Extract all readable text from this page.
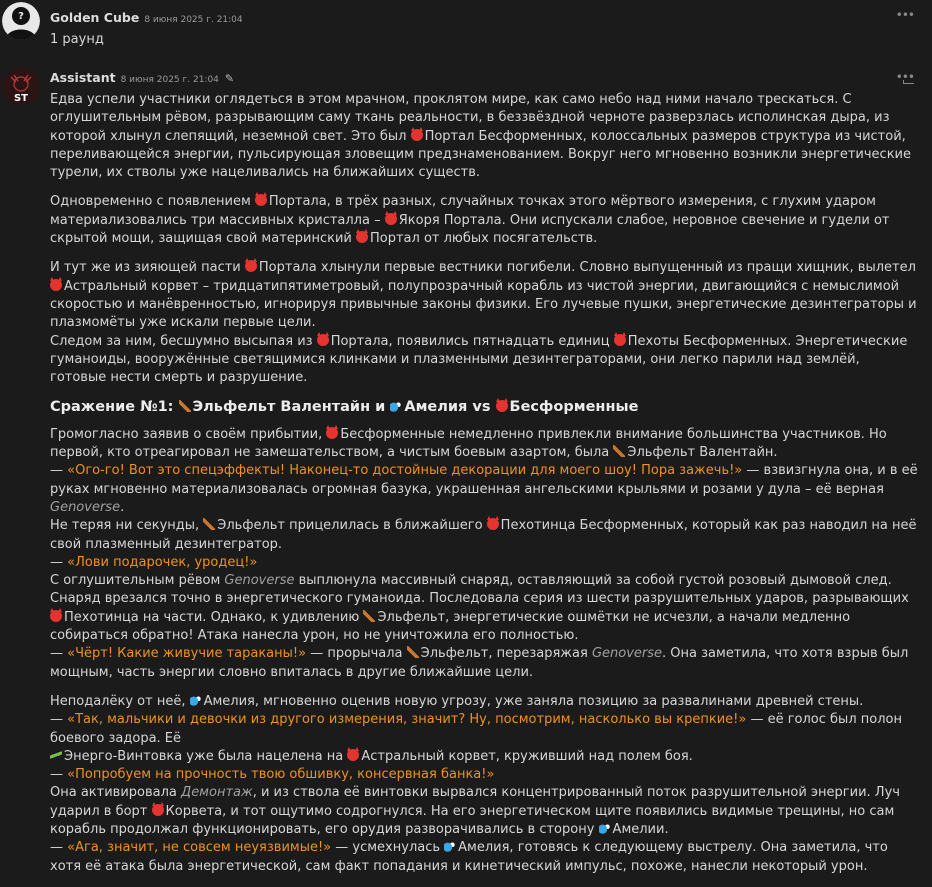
? Golden Cube 8 июня 2025 г. 21:04	•••
1 раунд
ST
Assistant 8 июня 2025 г. 21:04 ✎	•••

Едва успели участники оглядеться в этом мрачном, проклятом мире, как само небо над ними начало трескаться. С оглушительным рёвом, разрывающим саму ткань реальности, в беззвёздной черноте разверзлась исполинская дыра, из которой хлынул слепящий, неземной свет. Это был Портал Бесформенных, колоссальных размеров структура из чистой, переливающейся энергии, пульсирующая зловещим предзнаменованием. Вокруг него мгновенно возникли энергетические турели, их стволы уже нацеливались на ближайших существ.

Одновременно с появлением Портала, в трёх разных, случайных точках этого мёртвого измерения, с глухим ударом материализовались три массивных кристалла – Якоря Портала. Они испускали слабое, неровное свечение и гудели от скрытой мощи, защищая свой материнский Портал от любых посягательств.

И тут же из зияющей пасти Портала хлынули первые вестники погибели. Словно выпущенный из пращи хищник, вылетел Астральный корвет – тридцатипятиметровый, полупрозрачный корабль из чистой энергии, двигающийся с немыслимой скоростью и манёвренностью, игнорируя привычные законы физики. Его лучевые пушки, энергетические дезинтеграторы и плазмомёты уже искали первые цели.
Следом за ним, бесшумно высыпая из Портала, появились пятнадцать единиц Пехоты Бесформенных. Энергетические гуманоиды, вооружённые светящимися клинками и плазменными дезинтеграторами, они легко парили над землёй, готовые нести смерть и разрушение.

Сражение №1: Эльфельт Валентайн и Амелия vs Бесформенные

Громогласно заявив о своём прибытии, Бесформенные немедленно привлекли внимание большинства участников. Но первой, кто отреагировал не замешательством, а чистым боевым азартом, была Эльфельт Валентайн.
— «Ого-го! Вот это спецэффекты! Наконец-то достойные декорации для моего шоу! Пора зажечь!» — взвизгнула она, и в её руках мгновенно материализовалась огромная базука, украшенная ангельскими крыльями и розами у дула – её верная Genoverse.
Не теряя ни секунды, Эльфельт прицелилась в ближайшего Пехотинца Бесформенных, который как раз наводил на неё свой плазменный дезинтегратор.
— «Лови подарочек, уродец!»
С оглушительным рёвом Genoverse выплюнула массивный снаряд, оставляющий за собой густой розовый дымовой след. Снаряд врезался точно в энергетического гуманоида. Последовала серия из шести разрушительных ударов, разрывающих Пехотинца на части. Однако, к удивлению Эльфельт, энергетические ошмётки не исчезли, а начали медленно собираться обратно! Атака нанесла урон, но не уничтожила его полностью.
— «Чёрт! Какие живучие тараканы!» — прорычала Эльфельт, перезаряжая Genoverse. Она заметила, что хотя взрыв был мощным, часть энергии словно впиталась в другие ближайшие цели.

Неподалёку от неё, Амелия, мгновенно оценив новую угрозу, уже заняла позицию за развалинами древней стены.
— «Так, мальчики и девочки из другого измерения, значит? Ну, посмотрим, насколько вы крепкие!» — её голос был полон боевого задора. Её
Энерго-Винтовка уже была нацелена на Астральный корвет, круживший над полем боя.
— «Попробуем на прочность твою обшивку, консервная банка!»
Она активировала Демонтаж, и из ствола её винтовки вырвался концентрированный поток разрушительной энергии. Луч ударил в борт Корвета, и тот ощутимо содрогнулся. На его энергетическом щите появились видимые трещины, но сам корабль продолжал функционировать, его орудия разворачивались в сторону Амелии.
— «Ага, значит, не совсем неуязвимые!» — усмехнулась Амелия, готовясь к следующему выстрелу. Она заметила, что хотя её атака была энергетической, сам факт попадания и кинетический импульс, похоже, нанесли некоторый урон.
